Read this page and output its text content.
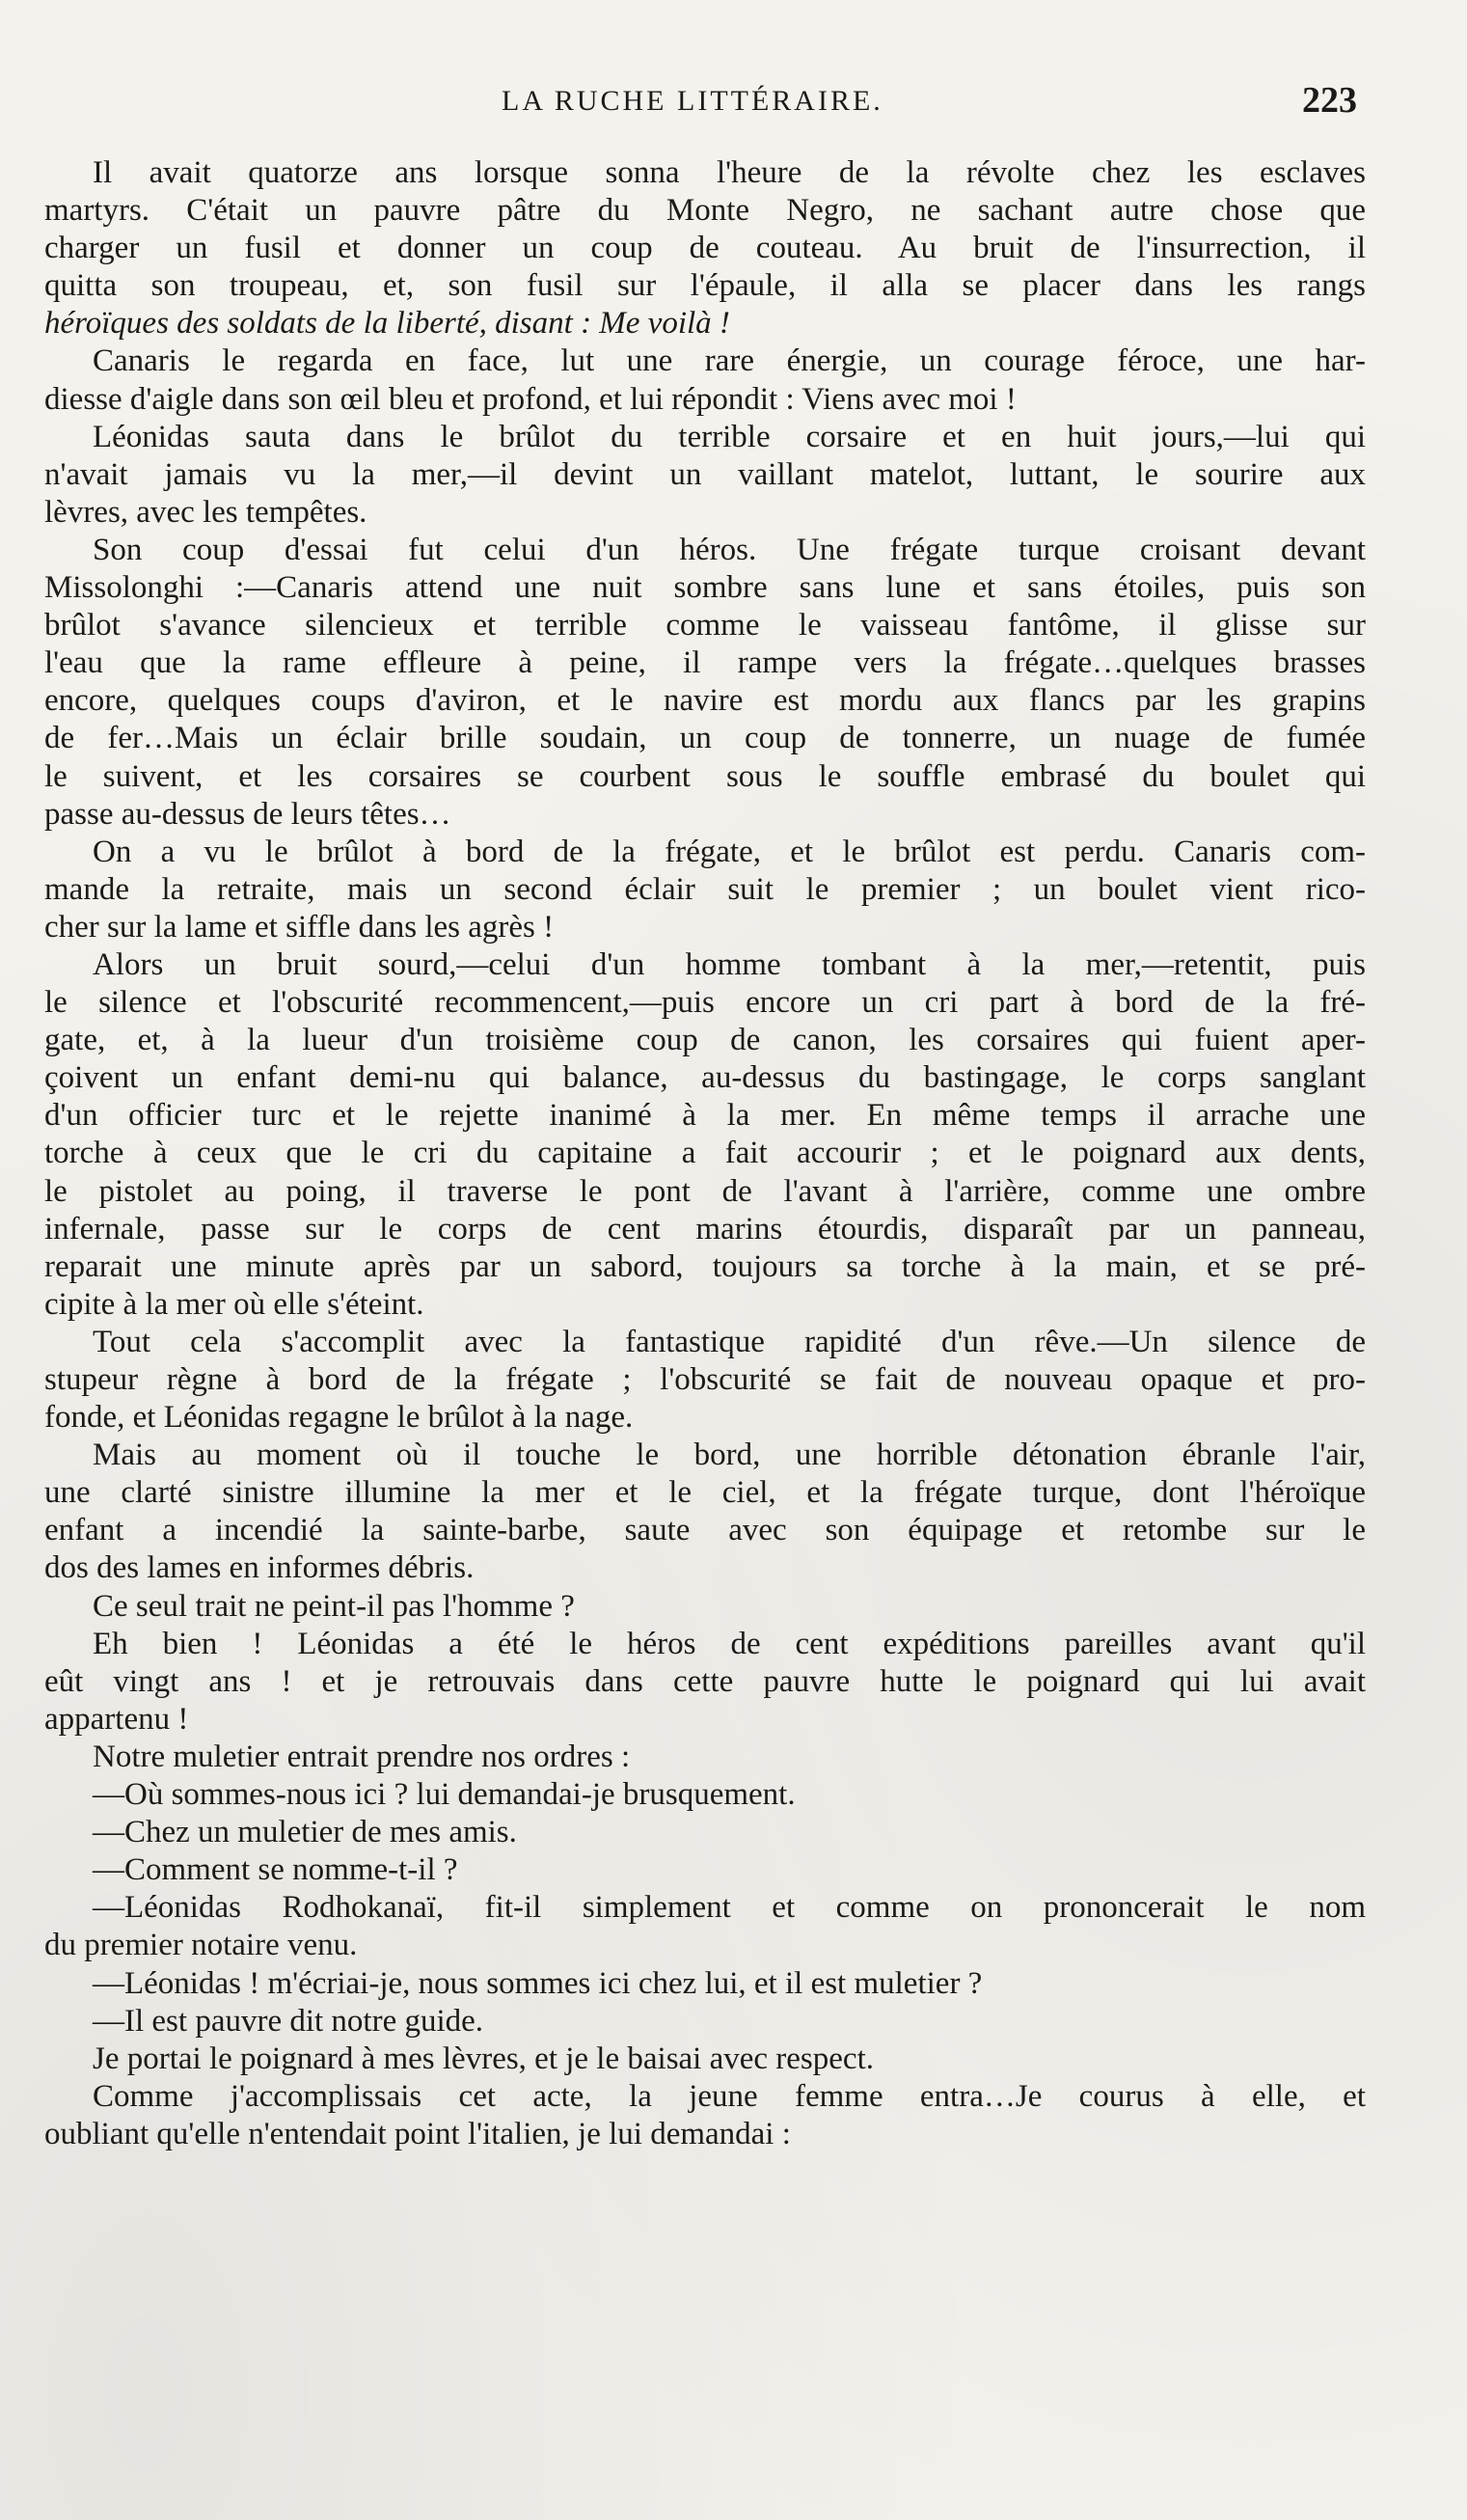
LA RUCHE LITTÉRAIRE.	223
Il avait quatorze ans lorsque sonna l'heure de la révolte chez les esclaves
martyrs. C'était un pauvre pâtre du Monte Negro, ne sachant autre chose que
charger un fusil et donner un coup de couteau. Au bruit de l'insurrection, il
quitta son troupeau, et, son fusil sur l'épaule, il alla se placer dans les rangs
héroïques des soldats de la liberté, disant : Me voilà !
Canaris le regarda en face, lut une rare énergie, un courage féroce, une har-
diesse d'aigle dans son œil bleu et profond, et lui répondit : Viens avec moi !
Léonidas sauta dans le brûlot du terrible corsaire et en huit jours,—lui qui
n'avait jamais vu la mer,—il devint un vaillant matelot, luttant, le sourire aux
lèvres, avec les tempêtes.
Son coup d'essai fut celui d'un héros. Une frégate turque croisant devant
Missolonghi :—Canaris attend une nuit sombre sans lune et sans étoiles, puis son
brûlot s'avance silencieux et terrible comme le vaisseau fantôme, il glisse sur
l'eau que la rame effleure à peine, il rampe vers la frégate…quelques brasses
encore, quelques coups d'aviron, et le navire est mordu aux flancs par les grapins
de fer…Mais un éclair brille soudain, un coup de tonnerre, un nuage de fumée
le suivent, et les corsaires se courbent sous le souffle embrasé du boulet qui
passe au-dessus de leurs têtes…
On a vu le brûlot à bord de la frégate, et le brûlot est perdu. Canaris com-
mande la retraite, mais un second éclair suit le premier ; un boulet vient rico-
cher sur la lame et siffle dans les agrès !
Alors un bruit sourd,—celui d'un homme tombant à la mer,—retentit, puis
le silence et l'obscurité recommencent,—puis encore un cri part à bord de la fré-
gate, et, à la lueur d'un troisième coup de canon, les corsaires qui fuient aper-
çoivent un enfant demi-nu qui balance, au-dessus du bastingage, le corps sanglant
d'un officier turc et le rejette inanimé à la mer. En même temps il arrache une
torche à ceux que le cri du capitaine a fait accourir ; et le poignard aux dents,
le pistolet au poing, il traverse le pont de l'avant à l'arrière, comme une ombre
infernale, passe sur le corps de cent marins étourdis, disparaît par un panneau,
reparait une minute après par un sabord, toujours sa torche à la main, et se pré-
cipite à la mer où elle s'éteint.
Tout cela s'accomplit avec la fantastique rapidité d'un rêve.—Un silence de
stupeur règne à bord de la frégate ; l'obscurité se fait de nouveau opaque et pro-
fonde, et Léonidas regagne le brûlot à la nage.
Mais au moment où il touche le bord, une horrible détonation ébranle l'air,
une clarté sinistre illumine la mer et le ciel, et la frégate turque, dont l'héroïque
enfant a incendié la sainte-barbe, saute avec son équipage et retombe sur le
dos des lames en informes débris.
Ce seul trait ne peint-il pas l'homme ?
Eh bien ! Léonidas a été le héros de cent expéditions pareilles avant qu'il
eût vingt ans ! et je retrouvais dans cette pauvre hutte le poignard qui lui avait
appartenu !
Notre muletier entrait prendre nos ordres :
—Où sommes-nous ici ? lui demandai-je brusquement.
—Chez un muletier de mes amis.
—Comment se nomme-t-il ?
—Léonidas Rodhokanaï, fit-il simplement et comme on prononcerait le nom
du premier notaire venu.
—Léonidas ! m'écriai-je, nous sommes ici chez lui, et il est muletier ?
—Il est pauvre dit notre guide.
Je portai le poignard à mes lèvres, et je le baisai avec respect.
Comme j'accomplissais cet acte, la jeune femme entra…Je courus à elle, et
oubliant qu'elle n'entendait point l'italien, je lui demandai :
